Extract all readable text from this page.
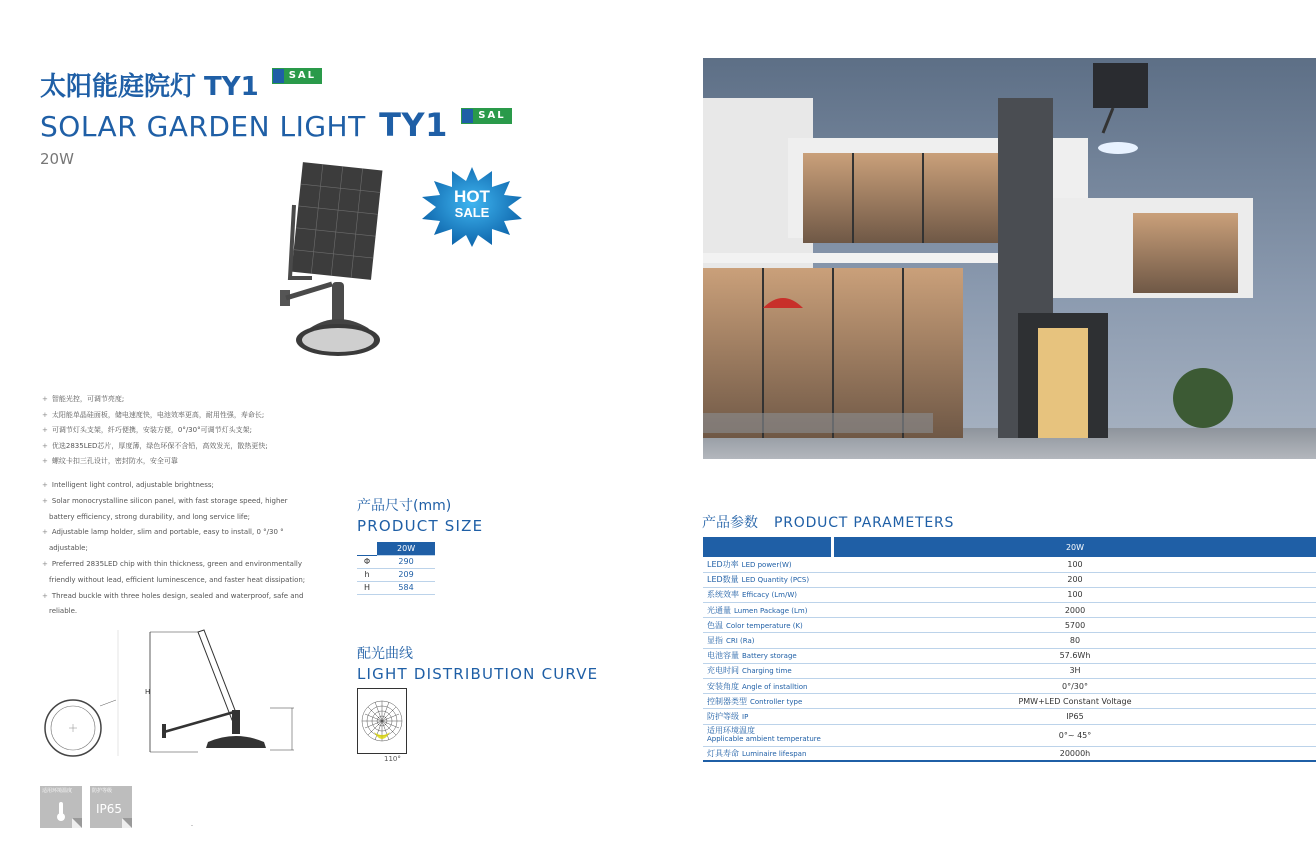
太阳能庭院灯 TY1	SAL
SOLAR GARDEN LIGHT TY1	SAL
20W
HOT
SALE
+ 智能光控，可调节亮度;
+ 太阳能单晶硅面板，储电速度快，电池效率更高，耐用性强，寿命长;
+ 可调节灯头支架，纤巧便携，安装方便，0°/30°可调节灯头支架;
+ 优选2835LED芯片，厚度薄，绿色环保不含铅，高效发光，散热更快;
+ 螺纹卡扣三孔设计，密封防水，安全可靠
+ Intelligent light control, adjustable brightness;
+ Solar monocrystalline silicon panel, with fast storage speed, higher
battery efficiency, strong durability, and long service life;
+ Adjustable lamp holder, slim and portable, easy to install, 0 °/30 °
adjustable;
+ Preferred 2835LED chip with thin thickness, green and environmentally
friendly without lead, efficient luminescence, and faster heat dissipation;
+ Thread buckle with three holes design, sealed and waterproof, safe and
reliable.
产品尺寸(mm)
PRODUCT SIZE
	20W
Φ	290
h	209
H	584
配光曲线
LIGHT DISTRIBUTION CURVE
110°
H
适用环境温度	防护等级
IP65
产品参数 PRODUCT PARAMETERS
		20W
LED功率 LED power(W)		100
LED数量 LED Quantity (PCS)		200
系统效率 Efficacy (Lm/W)		100
光通量 Lumen Package (Lm)		2000
色温 Color temperature (K)		5700
显指 CRI (Ra)		80
电池容量 Battery storage		57.6Wh
充电时间 Charging time		3H
安装角度 Angle of installtion		0°/30°
控制器类型 Controller type		PMW+LED Constant Voltage
防护等级 IP		IP65

适用环境温度
Applicable ambient temperature		0°~ 45°
灯具寿命 Luminaire lifespan		20000h
